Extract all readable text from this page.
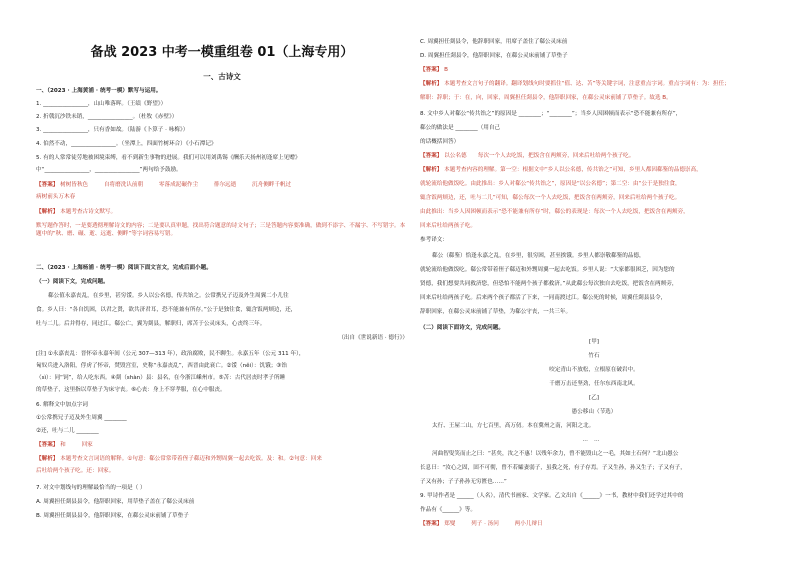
备战 2023 中考一模重组卷 01（上海专用）
一、古诗文
一、（2023 · 上海黄浦 · 统考一模）默写与运用。
1. ________________，山山唯落晖。（王绩《野望》）
2. 折戟沉沙铁未销，________________。（杜牧《赤壁》）
3. ________________，只有香如故。（陆游《卜算子 · 咏梅》）
4. 伯然不动，________________。（坐潭上，四面竹树环合）《小石潭记》
5. 有的人常常徒劳地被困境束缚，看不到新生事物的进展。我们可以用刘禹锡《酬乐天扬州初逢席上见赠》
中“________________，________________”两句给予鼓励。
【答案】 树树皆秋色	自将磨洗认前朝	零落成泥碾作尘	徘尔远逝	沉舟侧畔千帆过
病树前头万木春
【解析】 本题考查古诗文默写。
默写题作答时，一是要透彻理解诗文的内容；二是要认真审题，找出符合题意的诗文句子；三是答题内容要准确，做到不添字、不漏字、不写错字。本题中的“秋、磨、碾、逝、远逝、侧畔”等字词容易写错。
二、（2023 · 上海杨浦 · 统考一模）阅读下面文言文，完成后面小题。
（一）阅读下文，完成问题。
郗公值永嘉丧乱，在乡里，甚穷馁。乡人以公名德，传共饴之。公常携兄子迈及外生周翼二小儿往
食。乡人曰：“各自饥困，以君之贤，欲共济君耳，恐不能兼有所存。”公于是独往食，辄含饭两颊边，还，
吐与二儿。后并得存，同过江。郗公亡，翼为剡县，解职归，席苫于公灵床头，心丧终三年。
（出自《世说新语 · 德行》）
[注] ①永嘉丧乱：晋怀帝永嘉年间（公元 307—313 年），政治腐败，民不聊生。永嘉五年（公元 311 年），
匈奴兵进入洛阳，俘虏了怀帝，焚毁宫室，史称“永嘉丧乱”，西晋由此衰亡。②馁（něi）：饥饿；③饴
（sì）：同“饲”，给人吃东西。④剡（shàn）县：县名，在今浙江嵊州市。⑤苫：古代居丧时孝子所睡
的草垫子，这里指以草垫子为床守丧。⑥心丧：身上不穿孝服，在心中服丧。
6. 解释文中加点字词
①公常携兄子迈及外生周翼 ________
②还，吐与二儿 ________
【答案】 和	回家
【解析】 本题考查文言词语的解释。①句意：郗公常常带着侄子郗迈和外甥周翼一起去吃饭。及：和。②句意：回来
后吐给两个孩子吃。还：回家。
7. 对文中划线句的理解最恰当的一项是（ ）
A. 周翼担任剡县县令，他辞职回家，用草垫子盖在了郗公灵床前
B. 周翼担任剡县县令，他辞职回家，在郗公灵床前铺了草垫子
C. 周翼担任剡县令，他辞职回家，用席子盖住了郗公灵床前
D. 周翼担任剡县令，他辞职回家，在郗公灵床前铺了草垫子
【答案】 B
【解析】 本题考查文言句子的翻译。翻译划线句时要抓住“值、达、苫”等关键字词，注意重点字词。重点字词有：为：担任；
解职：辞职；于：在，向，回家，周翼担任剡县令，他辞职回家，在郗公灵床前铺了草垫子。故选 B。
8. 文中乡人对郗公“传共饴之”的原因是 ________；“________”；当乡人因困顿而表示“恐不能兼有所存”，
郗公的做法是 ________（用自己
的话概括回答）
【答案】 以公名德　　每次一个人去吃饭，把饭含在两颊旁，回来后吐给两个孩子吃。
【解析】 本题考查内容的理解。第一空：根据文中“乡人以公名德，传共饴之”可知，乡里人都因郗鉴的品德崇高，
就轮流给他做饭吃。由此推出：乡人对郗公“传共饴之”，原因是“以公名德”；第二空：由“公于是独往食，
辄含饭两颊边，还，吐与二儿”可知，郗公每次一个人去吃饭，把饭含在两颊旁，回来后吐给两个孩子吃。
由此推出：当乡人因困顿而表示“恐不能兼有所存”时，郗公的表现是：每次一个人去吃饭，把饭含在两颊旁，
回来后吐给两孩子吃。
参考译文：
郗公（郗鉴）恰逢永嘉之乱，在乡里，很穷困，甚至挨饿。乡里人都崇敬郗鉴的品德，
就轮流给他做饭吃。郗公常带着侄子郗迈和外甥周翼一起去吃饭。乡里人说：“大家都很困乏，因为您的
贤德，我们想要共同救济您，但恐怕不能两个孩子都救济。”从此郗公每次独自去吃饭，把饭含在两颊旁，
回来后吐给两孩子吃。后来两个孩子都活了下来，一同南渡过江。郗公死的时候，周翼任剡县县令，
辞职回家，在郗公灵床前铺了草垫，为郗公守丧，一共三年。
（二）阅读下面诗文，完成问题。
[甲]
竹石
咬定青山不放松，立根原在破岩中。
千磨万击还坚劲，任尔东西南北风。
[乙]
愚公移山（节选）
太行、王屋二山，方七百里，高万仞。本在冀州之南，河阳之北。
……
河曲智叟笑而止之曰：“甚矣，汝之不惠！以残年余力，曾不能毁山之一毛，其如土石何？”北山愚公
长息曰：“汝心之固，固不可彻，曾不若孀妻弱子，虽我之死，有子存焉。子又生孙，孙又生子；子又有子，
子又有孙；子子孙孙无穷匮也……”
9. 甲诗作者是 ______（人名），清代书画家、文学家。乙文出自《______》一书，教材中我们还学过其中的
作品有《______》等。
【答案】 郑燮	列子 · 汤问	两小儿辩日
